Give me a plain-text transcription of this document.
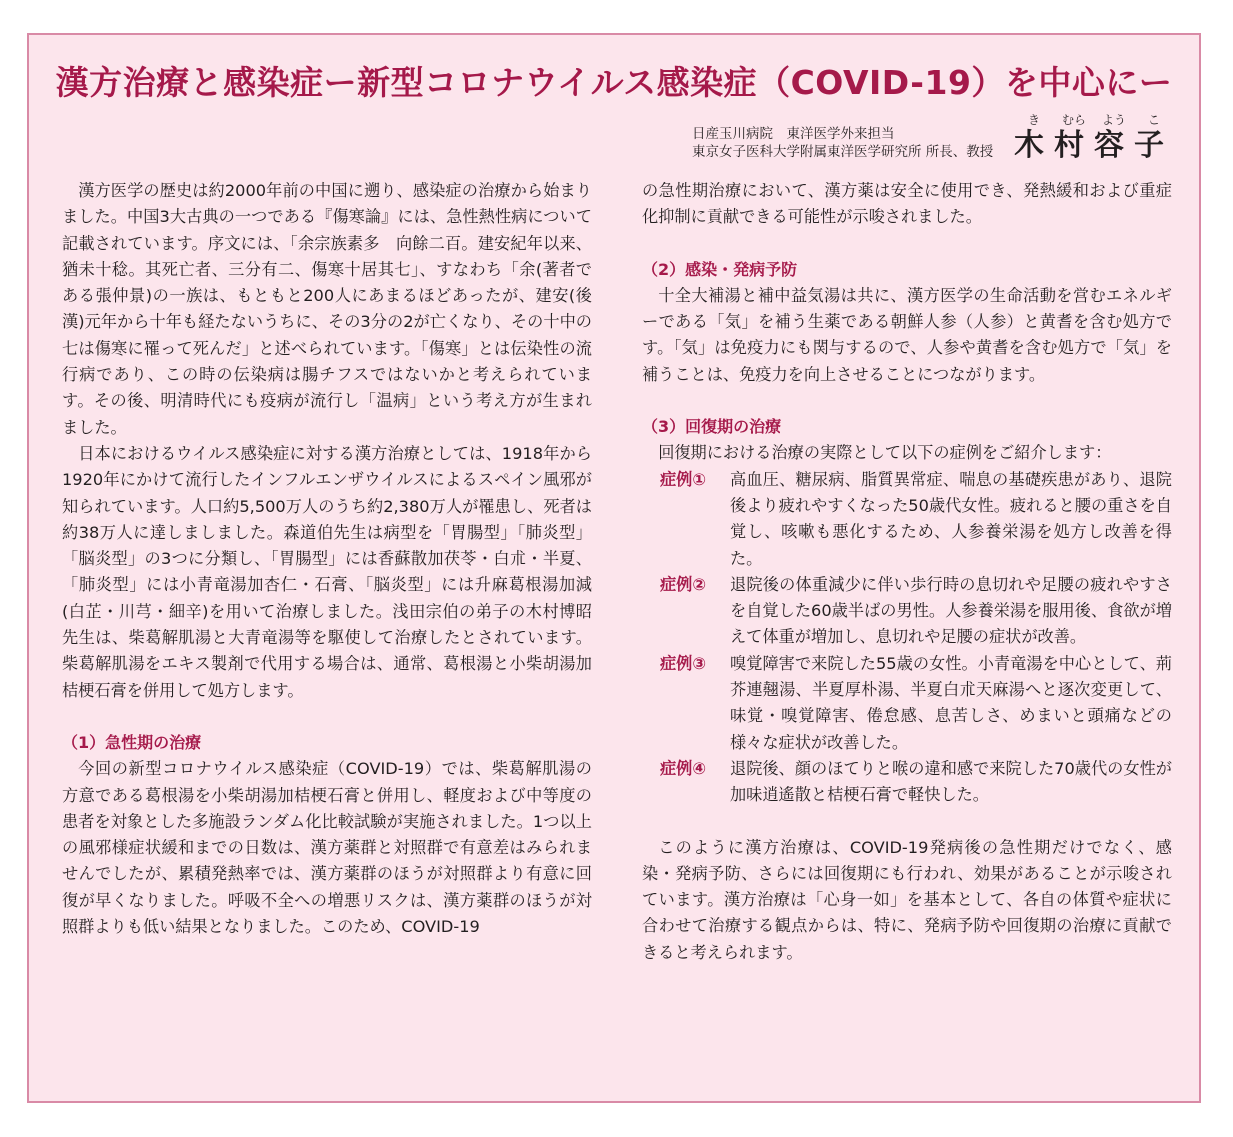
漢方治療と感染症ー新型コロナウイルス感染症（COVID-19）を中心にー
日産玉川病院　東洋医学外来担当
東京女子医科大学附属東洋医学研究所 所長、教授
き	むら	よう	こ
木村容子

漢方医学の歴史は約2000年前の中国に遡り、感染症の治療から始まりました。中国3大古典の一つである『傷寒論』には、急性熱性病について記載されています。序文には、「余宗族素多　向餘二百。建安紀年以来、猶未十稔。其死亡者、三分有二、傷寒十居其七」、すなわち「余(著者である張仲景)の一族は、もともと200人にあまるほどあったが、建安(後漢)元年から十年も経たないうちに、その3分の2が亡くなり、その十中の七は傷寒に罹って死んだ」と述べられています。「傷寒」とは伝染性の流行病であり、この時の伝染病は腸チフスではないかと考えられています。その後、明清時代にも疫病が流行し「温病」という考え方が生まれました。

日本におけるウイルス感染症に対する漢方治療としては、1918年から1920年にかけて流行したインフルエンザウイルスによるスペイン風邪が知られています。人口約5,500万人のうち約2,380万人が罹患し、死者は約38万人に達しましました。森道伯先生は病型を「胃腸型」「肺炎型」「脳炎型」の3つに分類し、「胃腸型」には香蘇散加茯苓・白朮・半夏、「肺炎型」には小青竜湯加杏仁・石膏、「脳炎型」には升麻葛根湯加減(白芷・川芎・細辛)を用いて治療しました。浅田宗伯の弟子の木村博昭先生は、柴葛解肌湯と大青竜湯等を駆使して治療したとされています。柴葛解肌湯をエキス製剤で代用する場合は、通常、葛根湯と小柴胡湯加桔梗石膏を併用して処方します。

（1）急性期の治療

今回の新型コロナウイルス感染症（COVID-19）では、柴葛解肌湯の方意である葛根湯を小柴胡湯加桔梗石膏と併用し、軽度および中等度の患者を対象とした多施設ランダム化比較試験が実施されました。1つ以上の風邪様症状緩和までの日数は、漢方薬群と対照群で有意差はみられませんでしたが、累積発熱率では、漢方薬群のほうが対照群より有意に回復が早くなりました。呼吸不全への増悪リスクは、漢方薬群のほうが対照群よりも低い結果となりました。このため、COVID-19

の急性期治療において、漢方薬は安全に使用でき、発熱緩和および重症化抑制に貢献できる可能性が示唆されました。

（2）感染・発病予防

十全大補湯と補中益気湯は共に、漢方医学の生命活動を営むエネルギーである「気」を補う生薬である朝鮮人参（人参）と黄耆を含む処方です。「気」は免疫力にも関与するので、人参や黄耆を含む処方で「気」を補うことは、免疫力を向上させることにつながります。

（3）回復期の治療

回復期における治療の実際として以下の症例をご紹介します：

症例①	高血圧、糖尿病、脂質異常症、喘息の基礎疾患があり、退院後より疲れやすくなった50歳代女性。疲れると腰の重さを自覚し、咳嗽も悪化するため、人参養栄湯を処方し改善を得た。
症例②	退院後の体重減少に伴い歩行時の息切れや足腰の疲れやすさを自覚した60歳半ばの男性。人参養栄湯を服用後、食欲が増えて体重が増加し、息切れや足腰の症状が改善。
症例③	嗅覚障害で来院した55歳の女性。小青竜湯を中心として、荊芥連翹湯、半夏厚朴湯、半夏白朮天麻湯へと逐次変更して、味覚・嗅覚障害、倦怠感、息苦しさ、めまいと頭痛などの様々な症状が改善した。
症例④	退院後、顔のほてりと喉の違和感で来院した70歳代の女性が加味逍遙散と桔梗石膏で軽快した。

このように漢方治療は、COVID-19発病後の急性期だけでなく、感染・発病予防、さらには回復期にも行われ、効果があることが示唆されています。漢方治療は「心身一如」を基本として、各自の体質や症状に合わせて治療する観点からは、特に、発病予防や回復期の治療に貢献できると考えられます。
